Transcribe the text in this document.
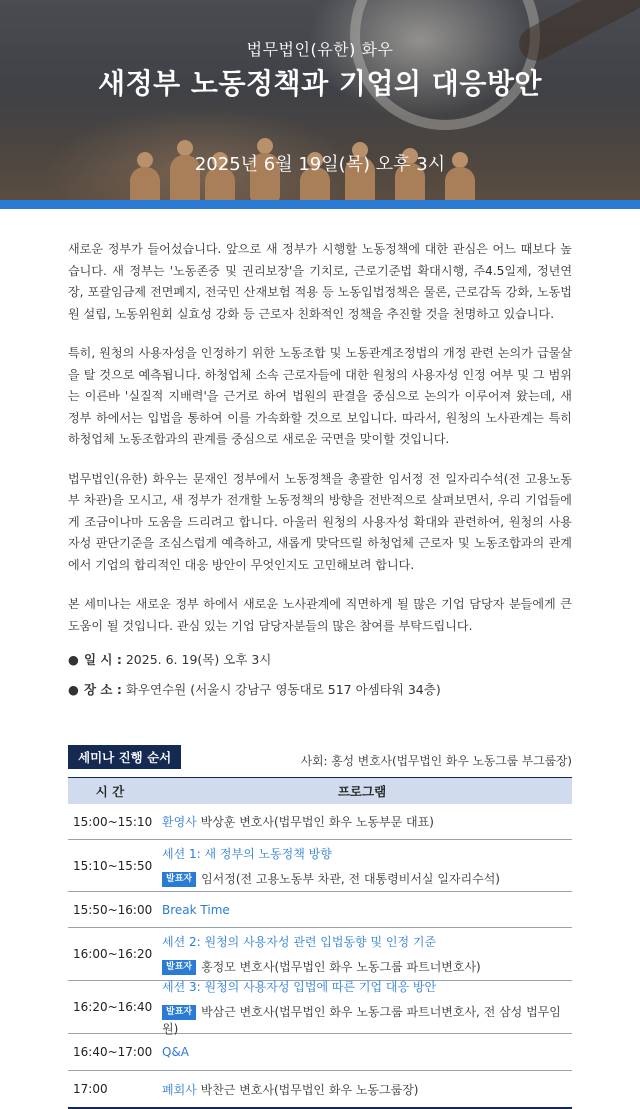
법무법인(유한) 화우
새정부 노동정책과 기업의 대응방안
2025년 6월 19일(목) 오후 3시

새로운 정부가 들어섰습니다. 앞으로 새 정부가 시행할 노동정책에 대한 관심은 어느 때보다 높습니다. 새 정부는 '노동존중 및 권리보장'을 기치로, 근로기준법 확대시행, 주4.5일제, 정년연장, 포괄임금제 전면폐지, 전국민 산재보험 적용 등 노동입법정책은 물론, 근로감독 강화, 노동법원 설립, 노동위원회 실효성 강화 등 근로자 친화적인 정책을 추진할 것을 천명하고 있습니다.

특히, 원청의 사용자성을 인정하기 위한 노동조합 및 노동관계조정법의 개정 관련 논의가 급물살을 탈 것으로 예측됩니다. 하청업체 소속 근로자들에 대한 원청의 사용자성 인정 여부 및 그 범위는 이른바 '실질적 지배력'을 근거로 하여 법원의 판결을 중심으로 논의가 이루어져 왔는데, 새 정부 하에서는 입법을 통하여 이를 가속화할 것으로 보입니다. 따라서, 원청의 노사관계는 특히 하청업체 노동조합과의 관계를 중심으로 새로운 국면을 맞이할 것입니다.

법무법인(유한) 화우는 문재인 정부에서 노동정책을 총괄한 임서정 전 일자리수석(전 고용노동부 차관)을 모시고, 새 정부가 전개할 노동정책의 방향을 전반적으로 살펴보면서, 우리 기업들에게 조금이나마 도움을 드리려고 합니다. 아울러 원청의 사용자성 확대와 관련하여, 원청의 사용자성 판단기준을 조심스럽게 예측하고, 새롭게 맞닥뜨릴 하청업체 근로자 및 노동조합과의 관계에서 기업의 합리적인 대응 방안이 무엇인지도 고민해보려 합니다.

본 세미나는 새로운 정부 하에서 새로운 노사관계에 직면하게 될 많은 기업 담당자 분들에게 큰 도움이 될 것입니다. 관심 있는 기업 담당자분들의 많은 참여를 부탁드립니다.

● 일 시 : 2025. 6. 19(목) 오후 3시
● 장 소 : 화우연수원 (서울시 강남구 영동대로 517 아셈타워 34층)
세미나 진행 순서	사회: 홍성 변호사(법무법인 화우 노동그룹 부그룹장)
시 간	프로그램
15:00~15:10 환영사 박상훈 변호사(법무법인 화우 노동부문 대표)
15:10~15:50
세션 1: 새 정부의 노동정책 방향
발표자 임서정(전 고용노동부 차관, 전 대통령비서실 일자리수석)
15:50~16:00 Break Time
16:00~16:20
세션 2: 원청의 사용자성 관련 입법동향 및 인정 기준
발표자 홍정모 변호사(법무법인 화우 노동그룹 파트너변호사)
16:20~16:40
세션 3: 원청의 사용자성 입법에 따른 기업 대응 방안
발표자 박삼근 변호사(법무법인 화우 노동그룹 파트너변호사, 전 삼성 법무임원)
16:40~17:00 Q&A
17:00	폐회사 박찬근 변호사(법무법인 화우 노동그룹장)
